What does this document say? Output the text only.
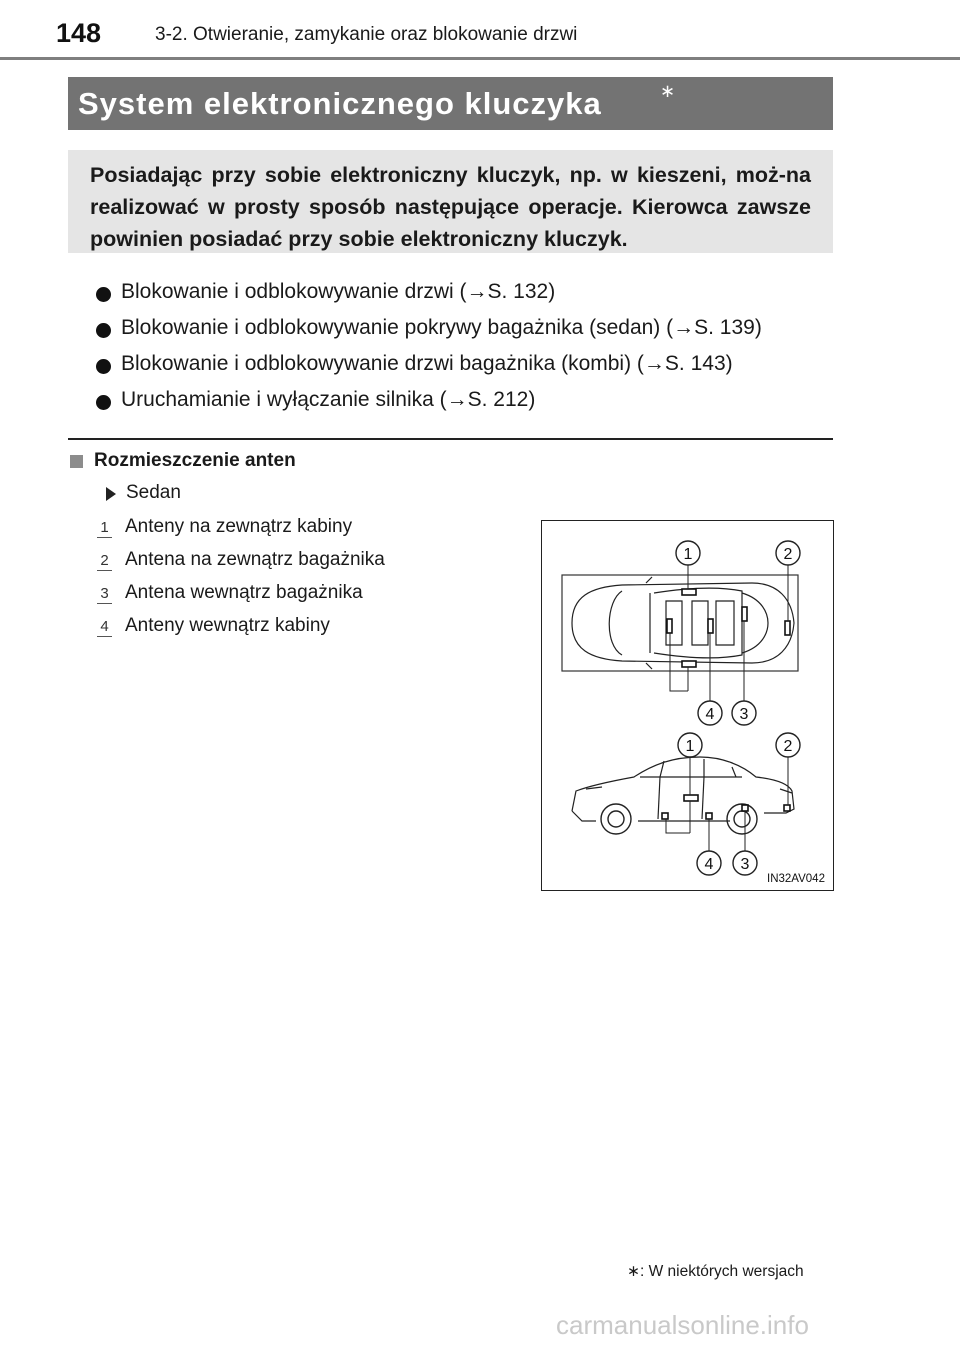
148	3-2. Otwieranie, zamykanie oraz blokowanie drzwi
System elektronicznego kluczyka	∗

Posiadając przy sobie elektroniczny kluczyk, np. w kieszeni, moż-na realizować w prosty sposób następujące operacje. Kierowca zawsze powinien posiadać przy sobie elektroniczny kluczyk.

Blokowanie i odblokowywanie drzwi (→S. 132)
Blokowanie i odblokowywanie pokrywy bagażnika (sedan) (→S. 139)
Blokowanie i odblokowywanie drzwi bagażnika (kombi) (→S. 143)
Uruchamianie i wyłączanie silnika (→S. 212)
Rozmieszczenie anten
Sedan
1 Anteny na zewnątrz kabiny
2 Antena na zewnątrz bagażnika
3 Antena wewnątrz bagażnika
4 Anteny wewnątrz kabiny
1	2
4 3
1	2
4 3
IN32AV042
∗: W niektórych wersjach
carmanualsonline.info
